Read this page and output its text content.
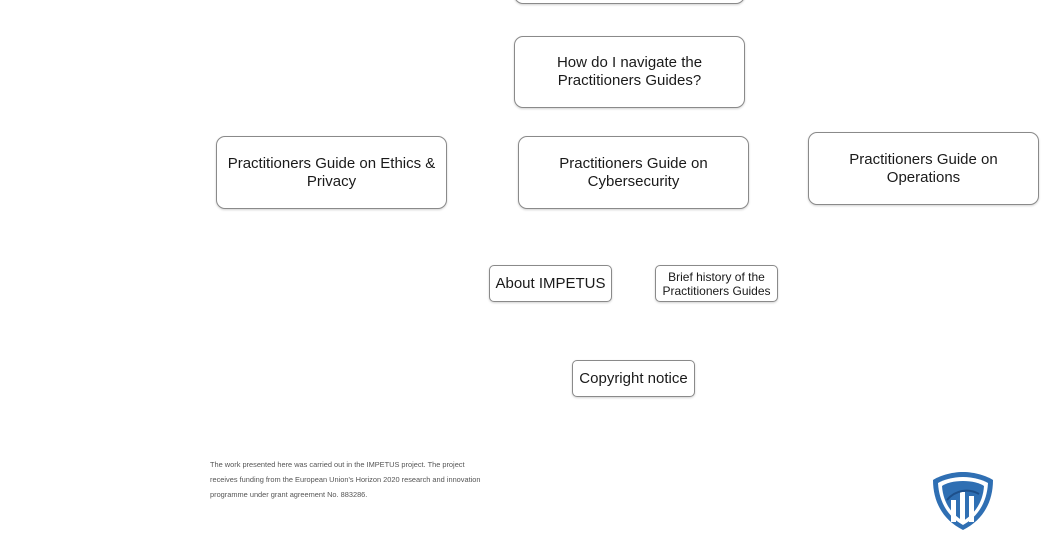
How do I navigate the
Practitioners Guides?
Practitioners Guide on Ethics &
Privacy
Practitioners Guide on
Cybersecurity
Practitioners Guide on
Operations
About IMPETUS	Brief history of the
Practitioners Guides
Copyright notice
The work presented here was carried out in the IMPETUS project. The project
receives funding from the European Union's Horizon 2020 research and innovation
programme under grant agreement No. 883286.
